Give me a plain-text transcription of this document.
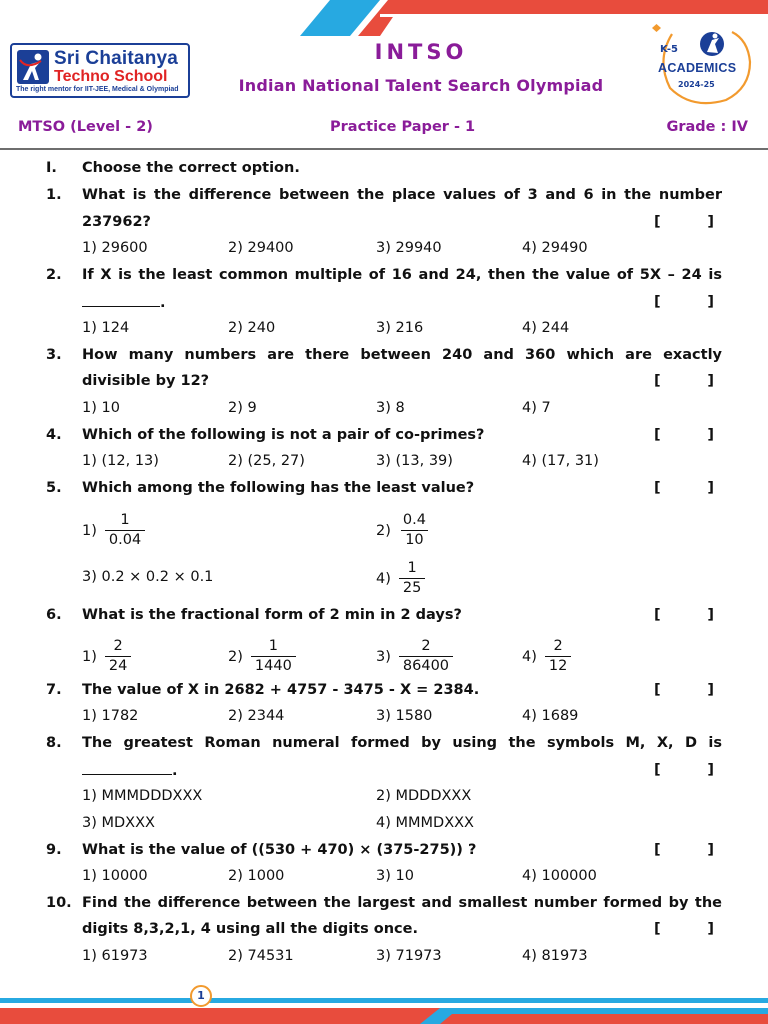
Sri Chaitanya
Techno School
The right mentor for IIT-JEE, Medical & Olympiad
INTSO
Indian National Talent Search Olympiad
K-5
ACADEMICS
2024-25
MTSO (Level - 2)	Practice Paper - 1	Grade : IV
I. Choose the correct option.
1. What is the difference between the place values of 3 and 6 in the number
237962?	[	]
1) 29600	2) 29400	3) 29940	4) 29490
2. If X is the least common multiple of 16 and 24, then the value of 5X – 24 is
.	[	]
1) 124	2) 240	3) 216	4) 244
3. How many numbers are there between 240 and 360 which are exactly
divisible by 12?	[	]
1) 10	2) 9	3) 8	4) 7
4. Which of the following is not a pair of co-primes?	[	]
1) (12, 13)	2) (25, 27)	3) (13, 39)	4) (17, 31)
5. Which among the following has the least value?	[	]
$1) \frac{1}{0.04}$	$2) \frac{0.4}{10}$
3) 0.2 × 0.2 × 0.1	$4) \frac{1}{25}$
6. What is the fractional form of 2 min in 2 days?	[	]
$1) \frac{2}{24}$	$2) \frac{1}{1440}$	$3) \frac{2}{86400}$	$4) \frac{2}{12}$
7. The value of X in 2682 + 4757 - 3475 - X = 2384.	[	]
1) 1782	2) 2344	3) 1580	4) 1689
8. The greatest Roman numeral formed by using the symbols M, X, D is
.	[	]
1) MMMDDDXXX	2) MDDDXXX
3) MDXXX	4) MMMDXXX
9. What is the value of ((530 + 470) × (375-275)) ?	[	]
1) 10000	2) 1000	3) 10	4) 100000
10. Find the difference between the largest and smallest number formed by the
digits 8,3,2,1, 4 using all the digits once.	[	]
1) 61973	2) 74531	3) 71973	4) 81973
1
